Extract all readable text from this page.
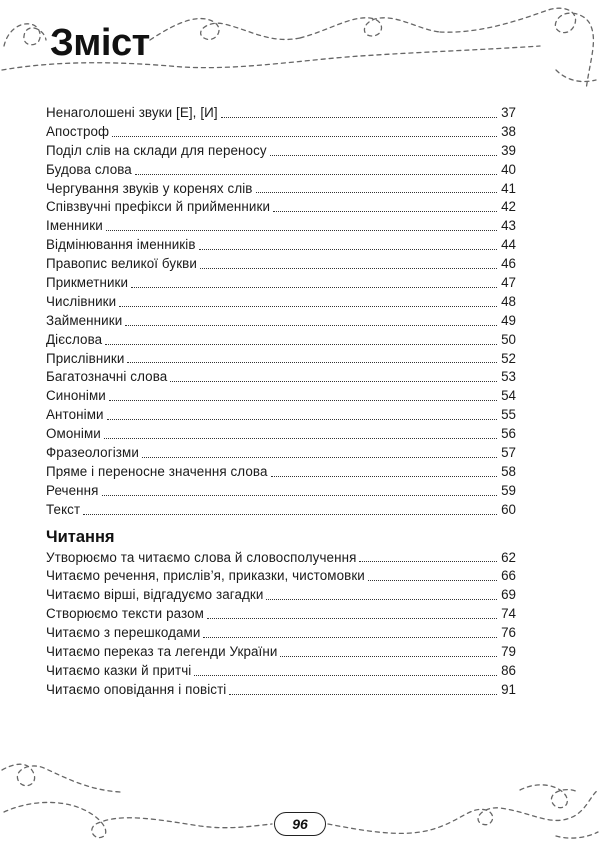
Зміст
Ненаголошені звуки [Е], [И]	37
Апостроф	38
Поділ слів на склади для переносу	39
Будова слова	40
Чергування звуків у коренях слів	41
Співзвучні префікси й прийменники	42
Іменники	43
Відмінювання іменників	44
Правопис великої букви	46
Прикметники	47
Числівники	48
Займенники	49
Дієслова	50
Прислівники	52
Багатозначні слова	53
Синоніми	54
Антоніми	55
Омоніми	56
Фразеологізми	57
Пряме і переносне значення слова	58
Речення	59
Текст	60
Читання
Утворюємо та читаємо слова й словосполучення	62
Читаємо речення, прислів’я, приказки, чистомовки	66
Читаємо вірші, відгадуємо загадки	69
Створюємо тексти разом	74
Читаємо з перешкодами	76
Читаємо переказ та легенди України	79
Читаємо казки й притчі	86
Читаємо оповідання і повісті	91
96
